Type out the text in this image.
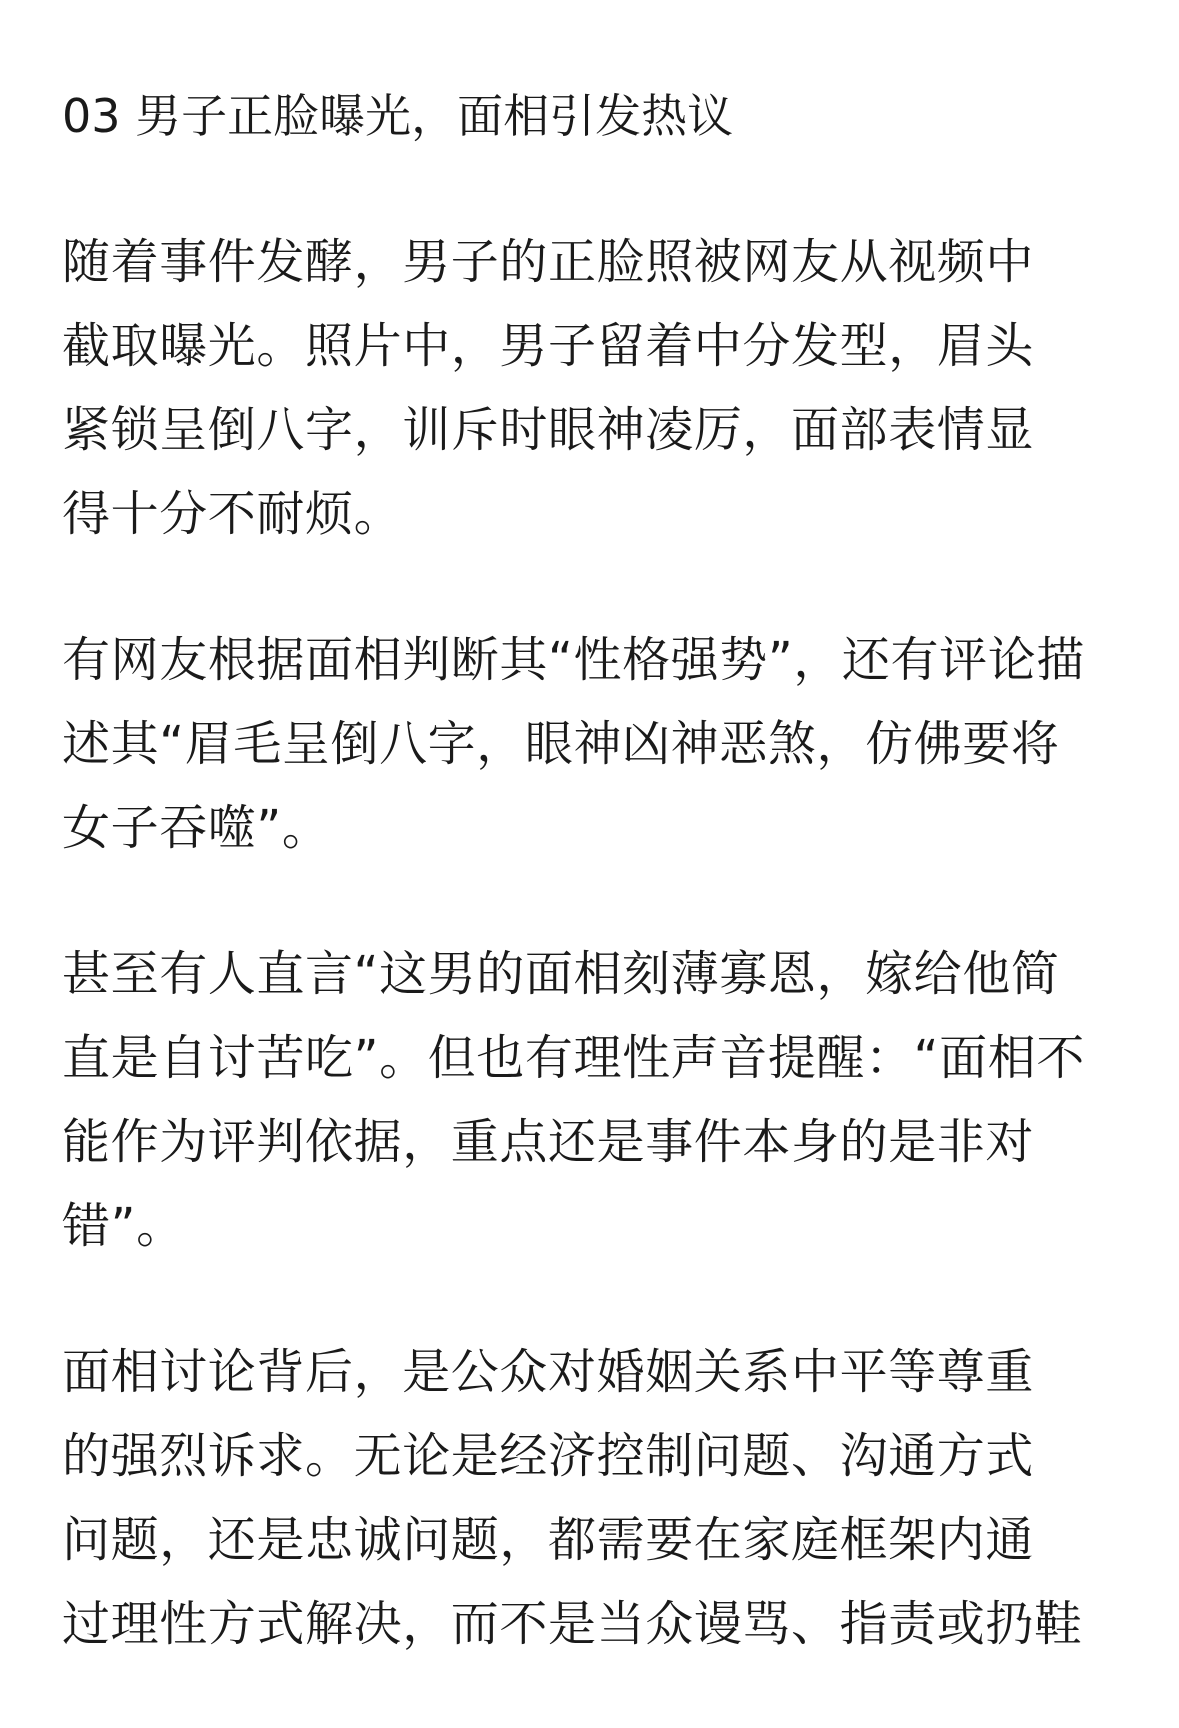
03 男子正脸曝光，面相引发热议

随着事件发酵，男子的正脸照被网友从视频中
截取曝光。照片中，男子留着中分发型，眉头
紧锁呈倒八字，训斥时眼神凌厉，面部表情显
得十分不耐烦。

有网友根据面相判断其“性格强势”，还有评论描
述其“眉毛呈倒八字，眼神凶神恶煞，仿佛要将
女子吞噬”。

甚至有人直言“这男的面相刻薄寡恩，嫁给他简
直是自讨苦吃”。但也有理性声音提醒：“面相不
能作为评判依据，重点还是事件本身的是非对
错”。

面相讨论背后，是公众对婚姻关系中平等尊重
的强烈诉求。无论是经济控制问题、沟通方式
问题，还是忠诚问题，都需要在家庭框架内通
过理性方式解决，而不是当众谩骂、指责或扔鞋
